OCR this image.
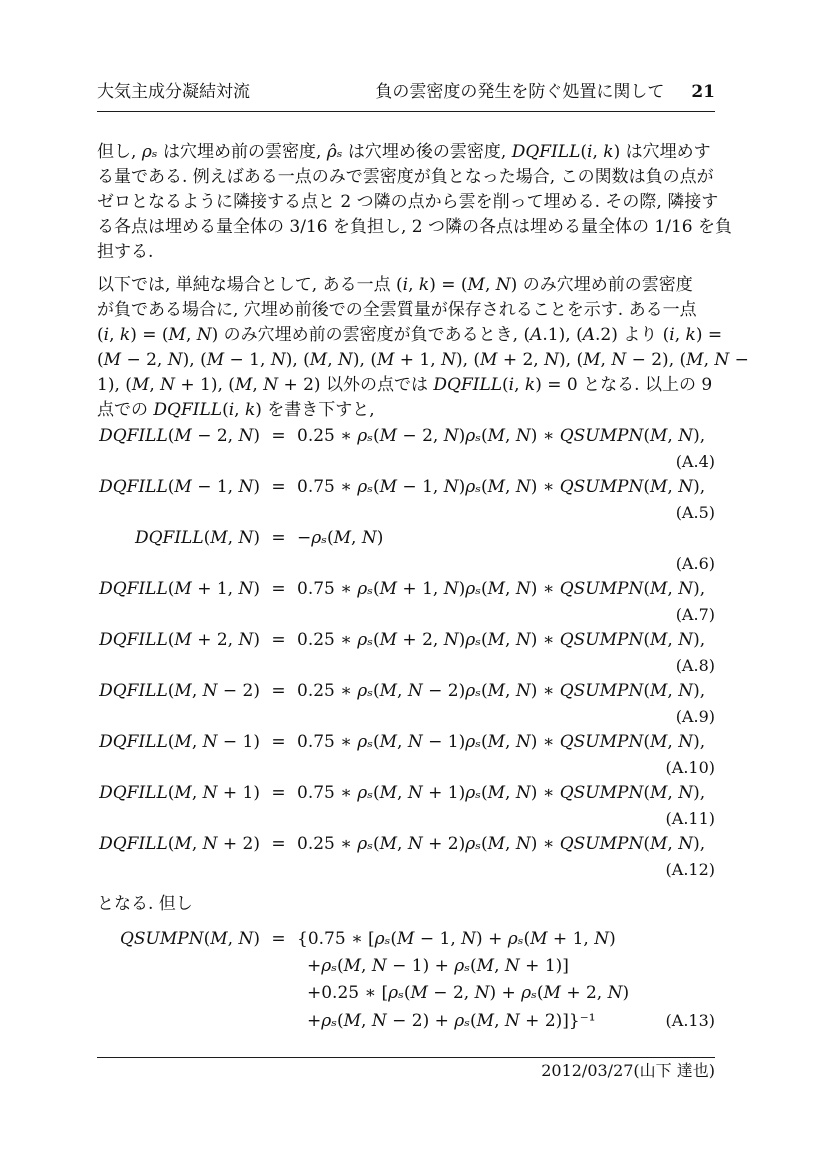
大気主成分凝結対流	負の雲密度の発生を防ぐ処置に関して 21
但し, ρₛ は穴埋め前の雲密度, ρ̂ₛ は穴埋め後の雲密度, DQFILL(i, k) は穴埋めす
る量である. 例えばある一点のみで雲密度が負となった場合, この関数は負の点が
ゼロとなるように隣接する点と 2 つ隣の点から雲を削って埋める. その際, 隣接す
る各点は埋める量全体の 3/16 を負担し, 2 つ隣の各点は埋める量全体の 1/16 を負
担する.
以下では, 単純な場合として, ある一点 (i, k) = (M, N) のみ穴埋め前の雲密度
が負である場合に, 穴埋め前後での全雲質量が保存されることを示す. ある一点
(i, k) = (M, N) のみ穴埋め前の雲密度が負であるとき, (A.1), (A.2) より (i, k) =
(M − 2, N), (M − 1, N), (M, N), (M + 1, N), (M + 2, N), (M, N − 2), (M, N −
1), (M, N + 1), (M, N + 2) 以外の点では DQFILL(i, k) = 0 となる. 以上の 9
点での DQFILL(i, k) を書き下すと,
DQFILL(M − 2, N) = 0.25 ∗ ρₛ(M − 2, N)ρₛ(M, N) ∗ QSUMPN(M, N),
(A.4)
DQFILL(M − 1, N) = 0.75 ∗ ρₛ(M − 1, N)ρₛ(M, N) ∗ QSUMPN(M, N),
(A.5)
DQFILL(M, N) = −ρₛ(M, N)
(A.6)
DQFILL(M + 1, N) = 0.75 ∗ ρₛ(M + 1, N)ρₛ(M, N) ∗ QSUMPN(M, N),
(A.7)
DQFILL(M + 2, N) = 0.25 ∗ ρₛ(M + 2, N)ρₛ(M, N) ∗ QSUMPN(M, N),
(A.8)
DQFILL(M, N − 2) = 0.25 ∗ ρₛ(M, N − 2)ρₛ(M, N) ∗ QSUMPN(M, N),
(A.9)
DQFILL(M, N − 1) = 0.75 ∗ ρₛ(M, N − 1)ρₛ(M, N) ∗ QSUMPN(M, N),
(A.10)
DQFILL(M, N + 1) = 0.75 ∗ ρₛ(M, N + 1)ρₛ(M, N) ∗ QSUMPN(M, N),
(A.11)
DQFILL(M, N + 2) = 0.25 ∗ ρₛ(M, N + 2)ρₛ(M, N) ∗ QSUMPN(M, N),
(A.12)
となる. 但し
QSUMPN(M, N) = {0.75 ∗ [ρₛ(M − 1, N) + ρₛ(M + 1, N)
+ρₛ(M, N − 1) + ρₛ(M, N + 1)]
+0.25 ∗ [ρₛ(M − 2, N) + ρₛ(M + 2, N)
+ρₛ(M, N − 2) + ρₛ(M, N + 2)]}⁻¹	(A.13)
2012/03/27(山下 達也)
